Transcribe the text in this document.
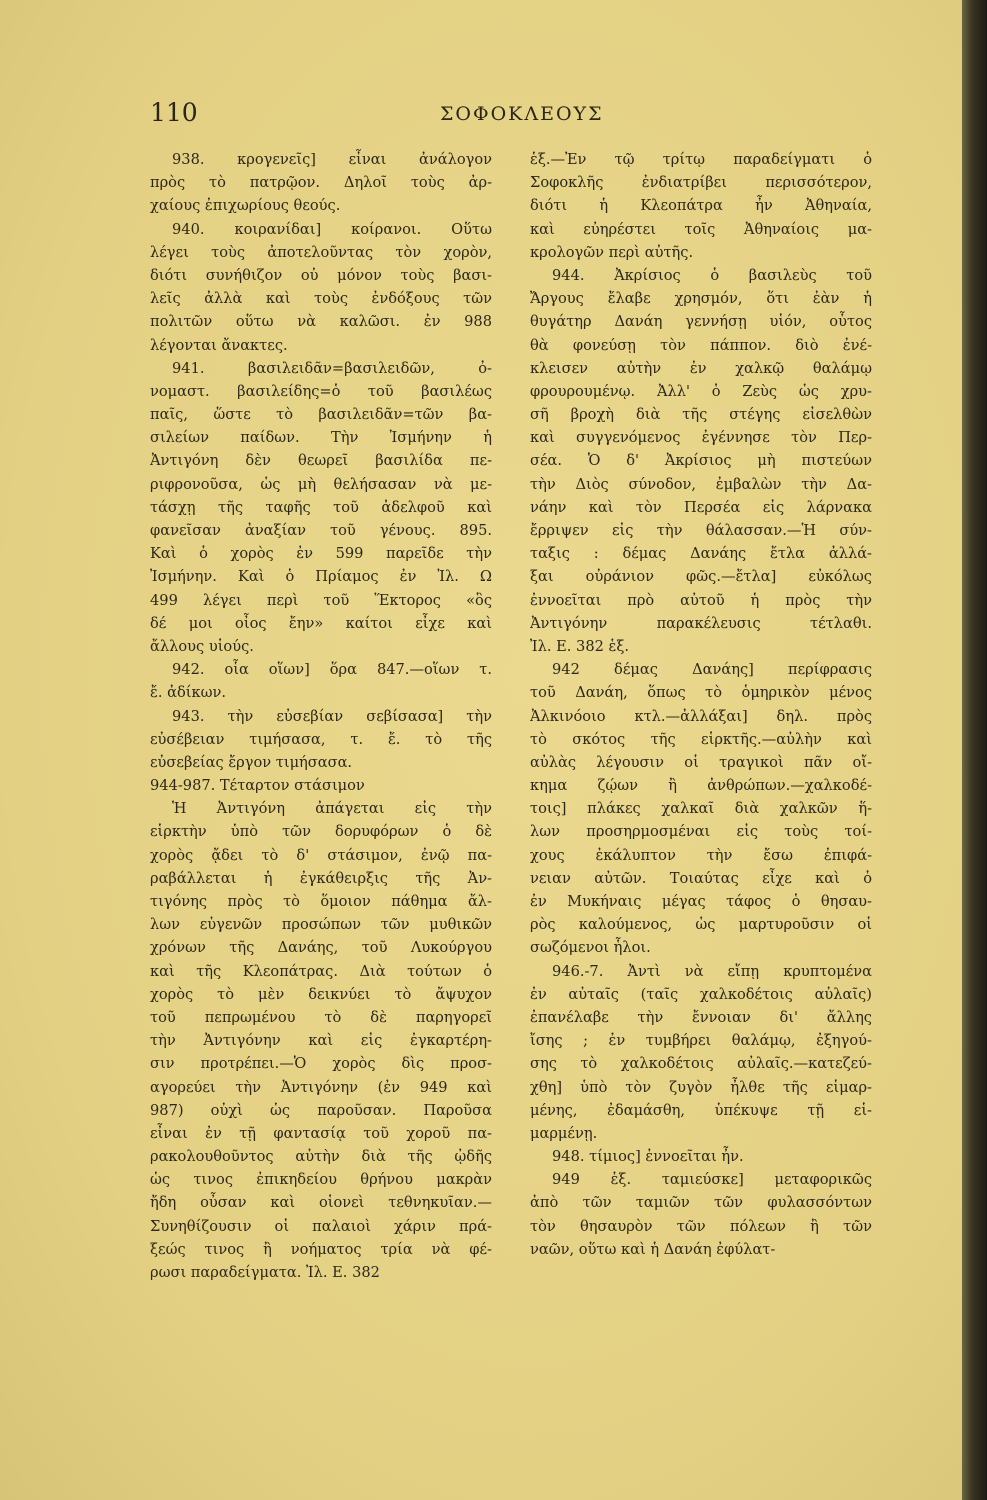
110	ΣΟΦΟΚΛΕΟΥΣ
938. κρογενεῖς] εἶναι ἀνάλογον
πρὸς τὸ πατρῷον. Δηλοῖ τοὺς ἀρ-
χαίους ἐπιχωρίους θεούς.
940. κοιρανίδαι] κοίρανοι. Οὕτω
λέγει τοὺς ἀποτελοῦντας τὸν χορὸν,
διότι συνήθιζον οὐ μόνον τοὺς βασι-
λεῖς ἀλλὰ καὶ τοὺς ἐνδόξους τῶν
πολιτῶν οὕτω νὰ καλῶσι. ἐν 988
λέγονται ἄνακτες.
941. βασιλειδᾶν=βασιλειδῶν, ὀ-
νομαστ. βασιλείδης=ὁ τοῦ βασιλέως
παῖς, ὥστε τὸ βασιλειδᾶν=τῶν βα-
σιλείων παίδων. Τὴν Ἰσμήνην ἡ
Ἀντιγόνη δὲν θεωρεῖ βασιλίδα πε-
ριφρονοῦσα, ὡς μὴ θελήσασαν νὰ με-
τάσχῃ τῆς ταφῆς τοῦ ἀδελφοῦ καὶ
φανεῖσαν ἀναξίαν τοῦ γένους. 895.
Καὶ ὁ χορὸς ἐν 599 παρεῖδε τὴν
Ἰσμήνην. Καὶ ὁ Πρίαμος ἐν Ἰλ. Ω
499 λέγει περὶ τοῦ Ἕκτορος «ὃς
δέ μοι οἶος ἔην» καίτοι εἶχε καὶ
ἄλλους υἱούς.
942. οἷα οἵων] ὅρα 847.—οἵων τ.
ἔ. ἀδίκων.
943. τὴν εὐσεβίαν σεβίσασα] τὴν
εὐσέβειαν τιμήσασα, τ. ἔ. τὸ τῆς
εὐσεβείας ἔργον τιμήσασα.
944-987. Τέταρτον στάσιμον
Ἡ Ἀντιγόνη ἀπάγεται εἰς τὴν
εἱρκτὴν ὑπὸ τῶν δορυφόρων ὁ δὲ
χορὸς ᾄδει τὸ δ' στάσιμον, ἐνῷ πα-
ραβάλλεται ἡ ἐγκάθειρξις τῆς Ἀν-
τιγόνης πρὸς τὸ ὅμοιον πάθημα ἄλ-
λων εὐγενῶν προσώπων τῶν μυθικῶν
χρόνων τῆς Δανάης, τοῦ Λυκούργου
καὶ τῆς Κλεοπάτρας. Διὰ τούτων ὁ
χορὸς τὸ μὲν δεικνύει τὸ ἄψυχον
τοῦ πεπρωμένου τὸ δὲ παρηγορεῖ
τὴν Ἀντιγόνην καὶ εἰς ἐγκαρτέρη-
σιν προτρέπει.—Ὁ χορὸς δὶς προσ-
αγορεύει τὴν Ἀντιγόνην (ἐν 949 καὶ
987) οὐχὶ ὡς παροῦσαν. Παροῦσα
εἶναι ἐν τῇ φαντασίᾳ τοῦ χοροῦ πα-
ρακολουθοῦντος αὐτὴν διὰ τῆς ᾠδῆς
ὡς τινος ἐπικηδείου θρήνου μακρὰν
ἤδη οὖσαν καὶ οἱονεὶ τεθνηκυῖαν.—
Συνηθίζουσιν οἱ παλαιοὶ χάριν πρά-
ξεώς τινος ἢ νοήματος τρία νὰ φέ-
ρωσι παραδείγματα. Ἰλ. Ε. 382
ἑξ.—Ἐν τῷ τρίτῳ παραδείγματι ὁ
Σοφοκλῆς ἐνδιατρίβει περισσότερον,
διότι ἡ Κλεοπάτρα ἦν Ἀθηναία,
καὶ εὐηρέστει τοῖς Ἀθηναίοις μα-
κρολογῶν περὶ αὐτῆς.
944. Ἀκρίσιος ὁ βασιλεὺς τοῦ
Ἄργους ἔλαβε χρησμόν, ὅτι ἐὰν ἡ
θυγάτηρ Δανάη γεννήσῃ υἱόν, οὗτος
θὰ φονεύσῃ τὸν πάππον. διὸ ἐνέ-
κλεισεν αὐτὴν ἐν χαλκῷ θαλάμῳ
φρουρουμένῳ. Ἀλλ' ὁ Ζεὺς ὡς χρυ-
σῆ βροχὴ διὰ τῆς στέγης εἰσελθὼν
καὶ συγγενόμενος ἐγέννησε τὸν Περ-
σέα. Ὁ δ' Ἀκρίσιος μὴ πιστεύων
τὴν Διὸς σύνοδον, ἐμβαλὼν τὴν Δα-
νάην καὶ τὸν Περσέα εἰς λάρνακα
ἔρριψεν εἰς τὴν θάλασσαν.—Ἡ σύν-
ταξις : δέμας Δανάης ἔτλα ἀλλά-
ξαι οὐράνιον φῶς.—ἔτλα] εὐκόλως
ἐννοεῖται πρὸ αὐτοῦ ἡ πρὸς τὴν
Ἀντιγόνην παρακέλευσις τέτλαθι.
Ἰλ. Ε. 382 ἑξ.
942 δέμας Δανάης] περίφρασις
τοῦ Δανάη, ὅπως τὸ ὁμηρικὸν μένος
Ἀλκινόοιο κτλ.—ἀλλάξαι] δηλ. πρὸς
τὸ σκότος τῆς εἱρκτῆς.—αὐλὴν καὶ
αὐλὰς λέγουσιν οἱ τραγικοὶ πᾶν οἴ-
κημα ζῴων ἢ ἀνθρώπων.—χαλκοδέ-
τοις] πλάκες χαλκαῖ διὰ χαλκῶν ἥ-
λων προσηρμοσμέναι εἰς τοὺς τοί-
χους ἐκάλυπτον τὴν ἔσω ἐπιφά-
νειαν αὐτῶν. Τοιαύτας εἶχε καὶ ὁ
ἐν Μυκήναις μέγας τάφος ὁ θησαυ-
ρὸς καλούμενος, ὡς μαρτυροῦσιν οἱ
σωζόμενοι ἧλοι.
946.-7. Ἀντὶ νὰ εἴπῃ κρυπτομένα
ἐν αὐταῖς (ταῖς χαλκοδέτοις αὐλαῖς)
ἐπανέλαβε τὴν ἔννοιαν δι' ἄλλης
ἴσης ; ἐν τυμβήρει θαλάμῳ, ἐξηγού-
σης τὸ χαλκοδέτοις αὐλαῖς.—κατεζεύ-
χθη] ὑπὸ τὸν ζυγὸν ἦλθε τῆς εἱμαρ-
μένης, ἐδαμάσθη, ὑπέκυψε τῇ εἱ-
μαρμένῃ.
948. τίμιος] ἐννοεῖται ἦν.
949 ἑξ. ταμιεύσκε] μεταφορικῶς
ἀπὸ τῶν ταμιῶν τῶν φυλασσόντων
τὸν θησαυρὸν τῶν πόλεων ἢ τῶν
ναῶν, οὕτω καὶ ἡ Δανάη ἐφύλατ-
